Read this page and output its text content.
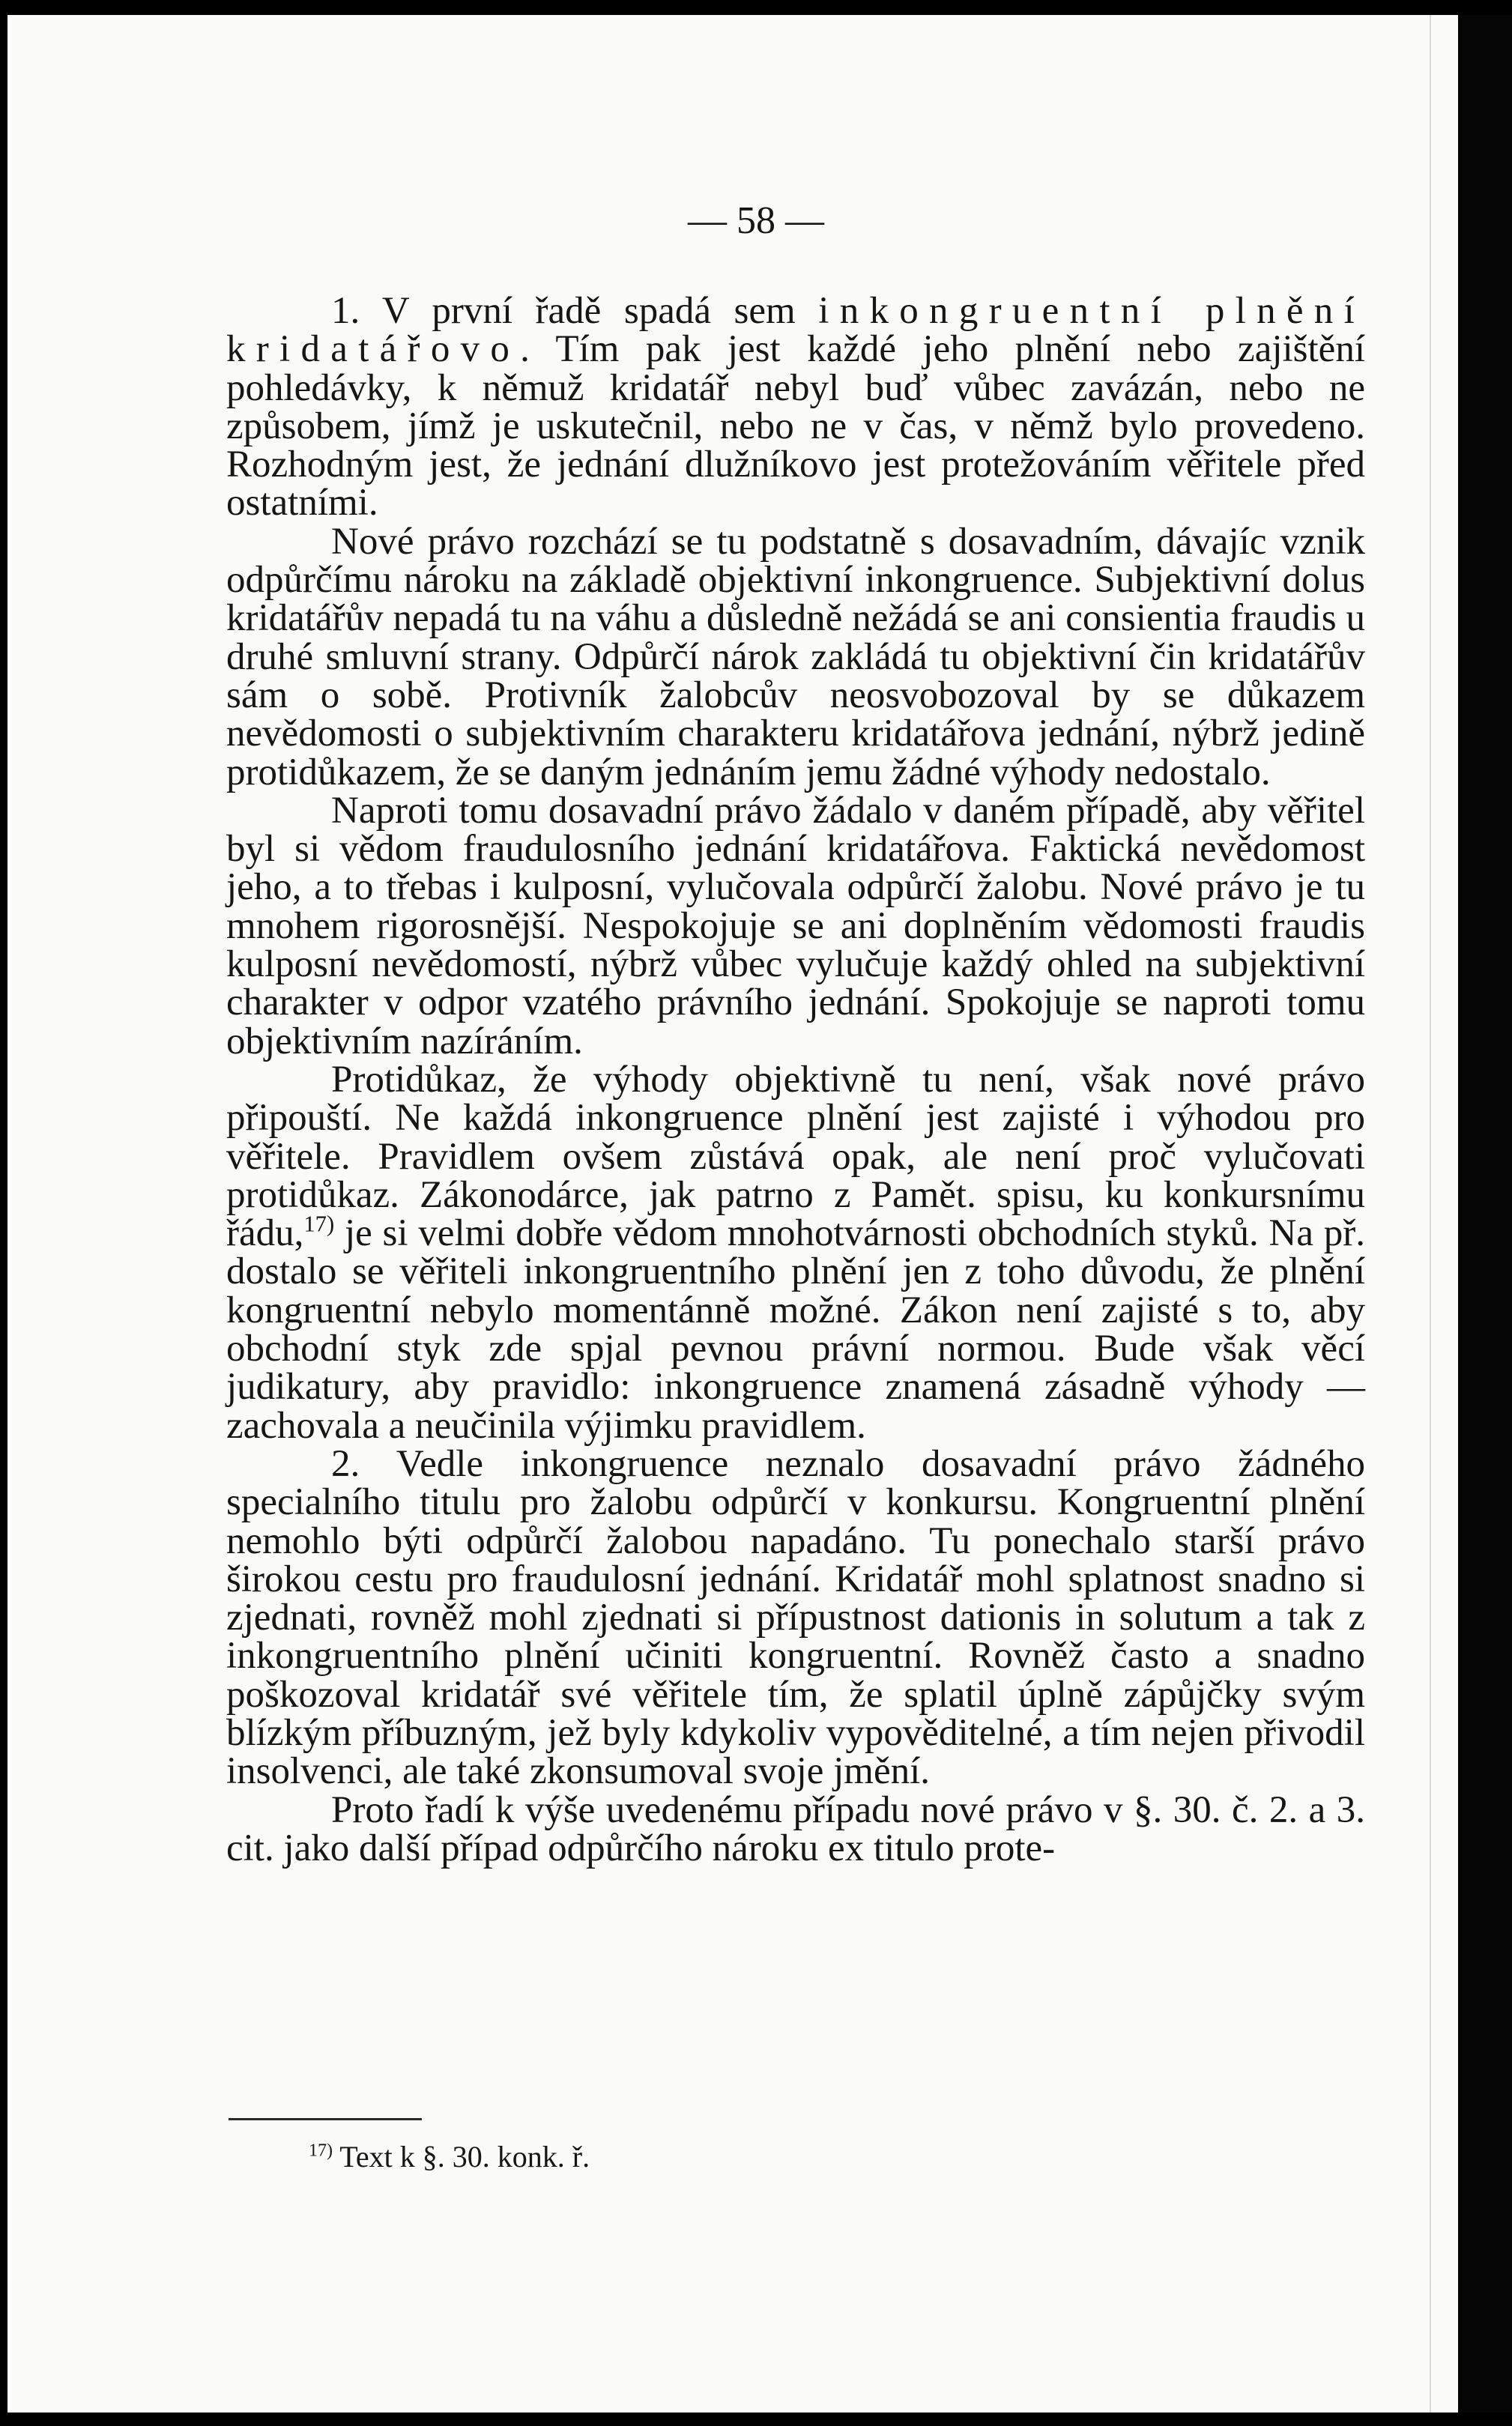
— 58 —

1. V první řadě spadá sem inkongruentní plnění kridatářovo. Tím pak jest každé jeho plnění nebo zajištění pohledávky, k němuž kridatář nebyl buď vůbec zavázán, nebo ne způsobem, jímž je uskutečnil, nebo ne v čas, v němž bylo provedeno. Rozhodným jest, že jednání dlužníkovo jest protežováním věřitele před ostatními.

Nové právo rozchází se tu podstatně s dosavadním, dávajíc vznik odpůrčímu nároku na základě objektivní inkongruence. Subjektivní dolus kridatářův nepadá tu na váhu a důsledně nežádá se ani consientia fraudis u druhé smluvní strany. Odpůrčí nárok zakládá tu objektivní čin kridatářův sám o sobě. Protivník žalobcův neosvobozoval by se důkazem nevědomosti o subjektivním charakteru kridatářova jednání, nýbrž jedině protidůkazem, že se daným jednáním jemu žádné výhody nedostalo.

Naproti tomu dosavadní právo žádalo v daném případě, aby věřitel byl si vědom fraudulosního jednání kridatářova. Faktická nevědomost jeho, a to třebas i kulposní, vylučovala odpůrčí žalobu. Nové právo je tu mnohem rigorosnější. Nespokojuje se ani doplněním vědomosti fraudis kulposní nevědomostí, nýbrž vůbec vylučuje každý ohled na subjektivní charakter v odpor vzatého právního jednání. Spokojuje se naproti tomu objektivním nazíráním.

Protidůkaz, že výhody objektivně tu není, však nové právo připouští. Ne každá inkongruence plnění jest zajisté i výhodou pro věřitele. Pravidlem ovšem zůstává opak, ale není proč vylučovati protidůkaz. Zákonodárce, jak patrno z Pamět. spisu, ku konkursnímu řádu,$^{17)}$ je si velmi dobře vědom mnohotvárnosti obchodních styků. Na př. dostalo se věřiteli inkongruentního plnění jen z toho důvodu, že plnění kongruentní nebylo momentánně možné. Zákon není zajisté s to, aby obchodní styk zde spjal pevnou právní normou. Bude však věcí judikatury, aby pravidlo: inkongruence znamená zásadně výhody — zachovala a neučinila výjimku pravidlem.

2. Vedle inkongruence neznalo dosavadní právo žádného specialního titulu pro žalobu odpůrčí v konkursu. Kongruentní plnění nemohlo býti odpůrčí žalobou napadáno. Tu ponechalo starší právo širokou cestu pro fraudulosní jednání. Kridatář mohl splatnost snadno si zjednati, rovněž mohl zjednati si přípustnost dationis in solutum a tak z inkongruentního plnění učiniti kongruentní. Rovněž často a snadno poškozoval kridatář své věřitele tím, že splatil úplně zápůjčky svým blízkým příbuzným, jež byly kdykoliv vypověditelné, a tím nejen přivodil insolvenci, ale také zkonsumoval svoje jmění.

Proto řadí k výše uvedenému případu nové právo v §. 30. č. 2. a 3. cit. jako další případ odpůrčího nároku ex titulo prote-

$^{17)}$ Text k §. 30. konk. ř.
